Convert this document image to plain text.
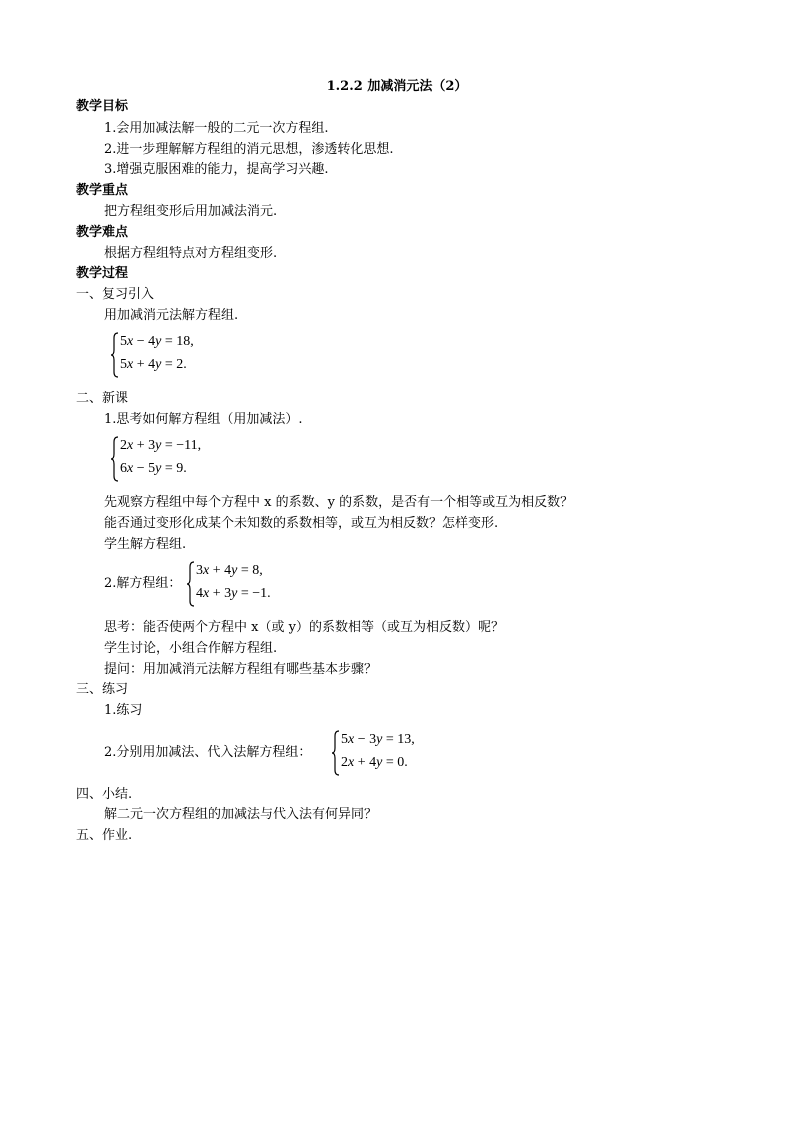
1.2.2 加减消元法（2）
教学目标
1.会用加减法解一般的二元一次方程组.
2.进一步理解解方程组的消元思想，渗透转化思想.
3.增强克服困难的能力，提高学习兴趣.
教学重点
把方程组变形后用加减法消元.
教学难点
根据方程组特点对方程组变形.
教学过程
一、复习引入
用加减消元法解方程组.
5x − 4y = 18,
5x + 4y = 2.
二、新课
1.思考如何解方程组（用加减法）.
2x + 3y = −11,
6x − 5y = 9.
先观察方程组中每个方程中 x 的系数、y 的系数，是否有一个相等或互为相反数？
能否通过变形化成某个未知数的系数相等，或互为相反数？怎样变形.
学生解方程组.
2.解方程组：
3x + 4y = 8,
4x + 3y = −1.
思考：能否使两个方程中 x（或 y）的系数相等（或互为相反数）呢？
学生讨论，小组合作解方程组.
提问：用加减消元法解方程组有哪些基本步骤？
三、练习
1.练习
2.分别用加减法、代入法解方程组：
5x − 3y = 13,
2x + 4y = 0.
四、小结.
解二元一次方程组的加减法与代入法有何异同？
五、作业.
